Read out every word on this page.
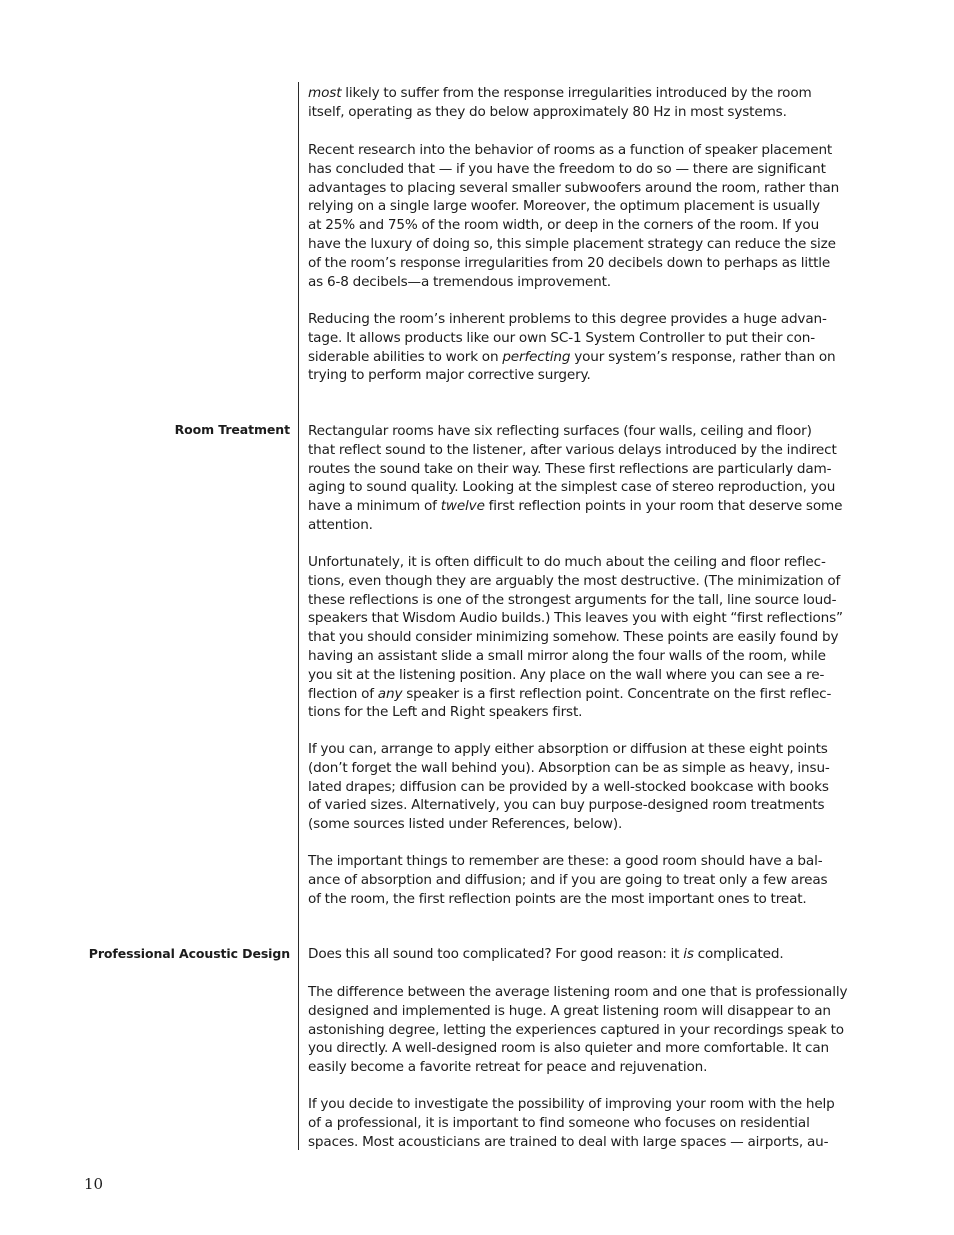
most likely to suffer from the response irregularities introduced by the room
itself, operating as they do below approximately 80 Hz in most systems.

Recent research into the behavior of rooms as a function of speaker placement
has concluded that — if you have the freedom to do so — there are significant
advantages to placing several smaller subwoofers around the room, rather than
relying on a single large woofer. Moreover, the optimum placement is usually
at 25% and 75% of the room width, or deep in the corners of the room. If you
have the luxury of doing so, this simple placement strategy can reduce the size
of the room’s response irregularities from 20 decibels down to perhaps as little
as 6-8 decibels—a tremendous improvement.

Reducing the room’s inherent problems to this degree provides a huge advan-
tage. It allows products like our own SC-1 System Controller to put their con-
siderable abilities to work on perfecting your system’s response, rather than on
trying to perform major corrective surgery.

Room Treatment Rectangular rooms have six reflecting surfaces (four walls, ceiling and floor)
that reflect sound to the listener, after various delays introduced by the indirect
routes the sound take on their way. These first reflections are particularly dam-
aging to sound quality. Looking at the simplest case of stereo reproduction, you
have a minimum of twelve first reflection points in your room that deserve some
attention.

Unfortunately, it is often difficult to do much about the ceiling and floor reflec-
tions, even though they are arguably the most destructive. (The minimization of
these reflections is one of the strongest arguments for the tall, line source loud-
speakers that Wisdom Audio builds.) This leaves you with eight “first reflections”
that you should consider minimizing somehow. These points are easily found by
having an assistant slide a small mirror along the four walls of the room, while
you sit at the listening position. Any place on the wall where you can see a re-
flection of any speaker is a first reflection point. Concentrate on the first reflec-
tions for the Left and Right speakers first.

If you can, arrange to apply either absorption or diffusion at these eight points
(don’t forget the wall behind you). Absorption can be as simple as heavy, insu-
lated drapes; diffusion can be provided by a well-stocked bookcase with books
of varied sizes. Alternatively, you can buy purpose-designed room treatments
(some sources listed under References, below).

The important things to remember are these: a good room should have a bal-
ance of absorption and diffusion; and if you are going to treat only a few areas
of the room, the first reflection points are the most important ones to treat.

Professional Acoustic Design Does this all sound too complicated? For good reason: it is complicated.

The difference between the average listening room and one that is professionally
designed and implemented is huge. A great listening room will disappear to an
astonishing degree, letting the experiences captured in your recordings speak to
you directly. A well-designed room is also quieter and more comfortable. It can
easily become a favorite retreat for peace and rejuvenation.

If you decide to investigate the possibility of improving your room with the help
of a professional, it is important to find someone who focuses on residential
spaces. Most acousticians are trained to deal with large spaces — airports, au-

10
